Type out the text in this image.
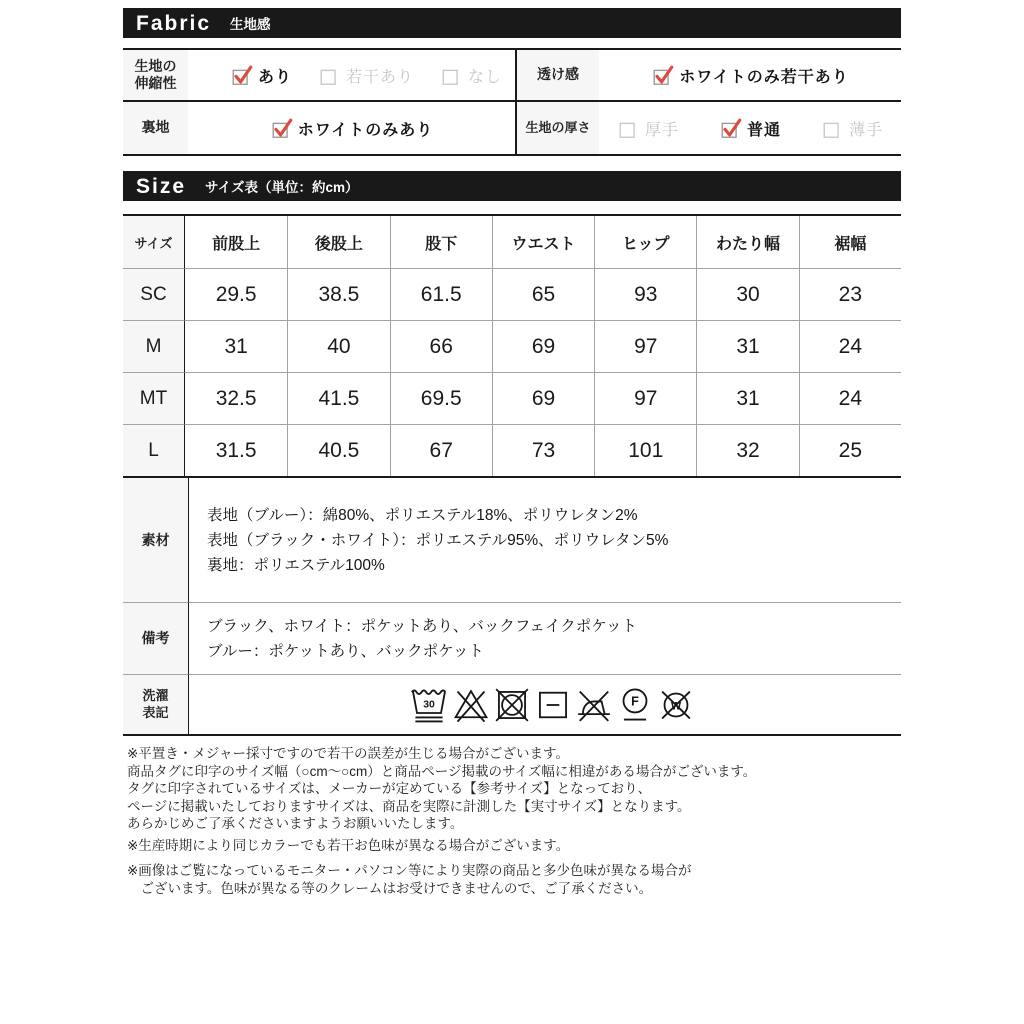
Fabric 生地感
生地の
伸縮性	あり	若干あり	なし 透け感	ホワイトのみ若干あり
裏地	ホワイトのみあり	生地の厚さ	厚手	普通	薄手
Size サイズ表（単位：約cm）
サイズ	前股上	後股上	股下	ウエスト	ヒップ	わたり幅	裾幅
SC	29.5	38.5	61.5	65	93	30	23
M	31	40	66	69	97	31	24
MT	32.5	41.5	69.5	69	97	31	24
L	31.5	40.5	67	73	101	32	25
素材
表地（ブルー）：綿80%、ポリエステル18%、ポリウレタン2%
表地（ブラック・ホワイト）：ポリエステル95%、ポリウレタン5%
裏地：ポリエステル100%
備考
ブラック、ホワイト：ポケットあり、バックフェイクポケット
ブルー：ポケットあり、バックポケット
洗濯
表記
30	F W
※平置き・メジャー採寸ですので若干の誤差が生じる場合がございます。
商品タグに印字のサイズ幅（○cm～○cm）と商品ページ掲載のサイズ幅に相違がある場合がございます。
タグに印字されているサイズは、メーカーが定めている【参考サイズ】となっており、
ページに掲載いたしておりますサイズは、商品を実際に計測した【実寸サイズ】となります。
あらかじめご了承くださいますようお願いいたします。
※生産時期により同じカラーでも若干お色味が異なる場合がございます。
※画像はご覧になっているモニター・パソコン等により実際の商品と多少色味が異なる場合が
　ございます。色味が異なる等のクレームはお受けできませんので、ご了承ください。
